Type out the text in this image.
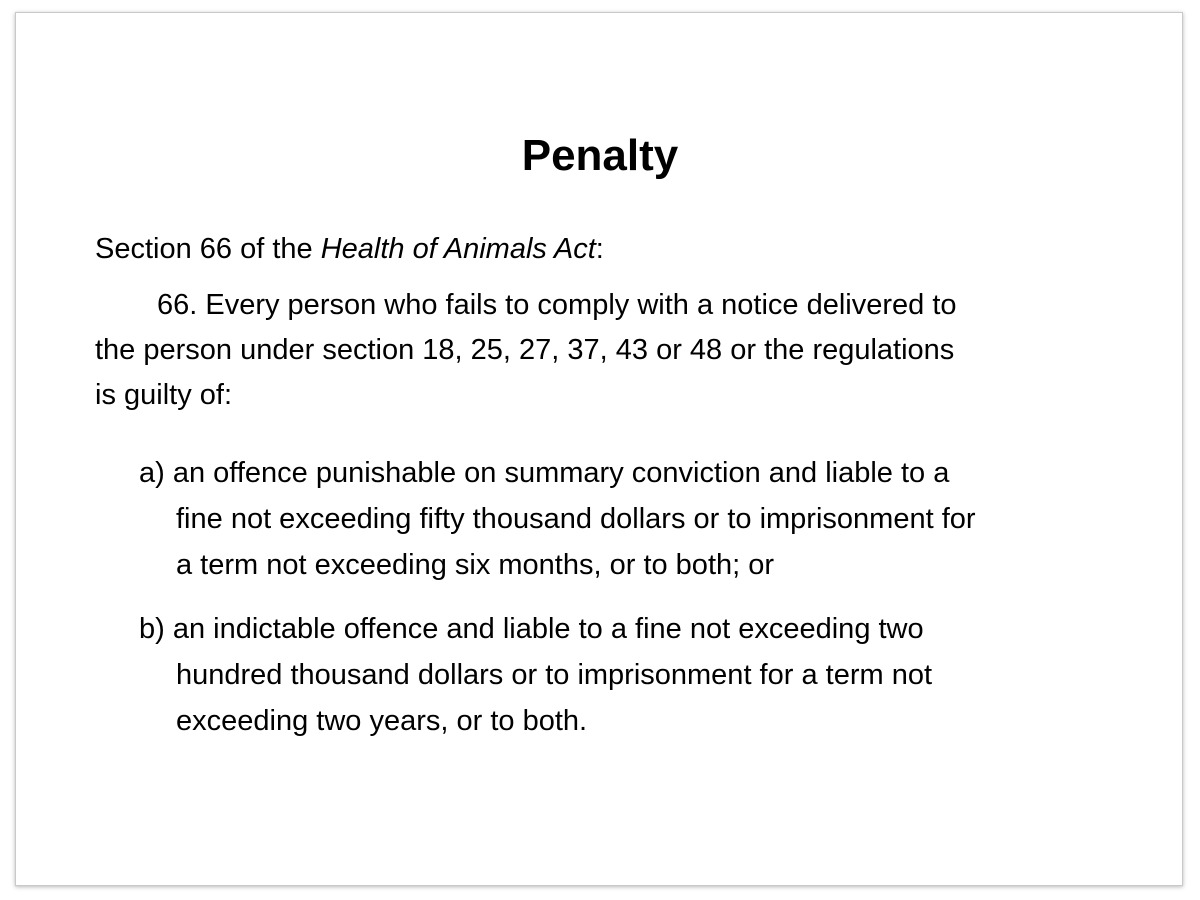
Penalty

Section 66 of the Health of Animals Act:

66. Every person who fails to comply with a notice delivered to
the person under section 18, 25, 27, 37, 43 or 48 or the regulations
is guilty of:

a) an offence punishable on summary conviction and liable to a
fine not exceeding fifty thousand dollars or to imprisonment for
a term not exceeding six months, or to both; or

b) an indictable offence and liable to a fine not exceeding two
hundred thousand dollars or to imprisonment for a term not
exceeding two years, or to both.
